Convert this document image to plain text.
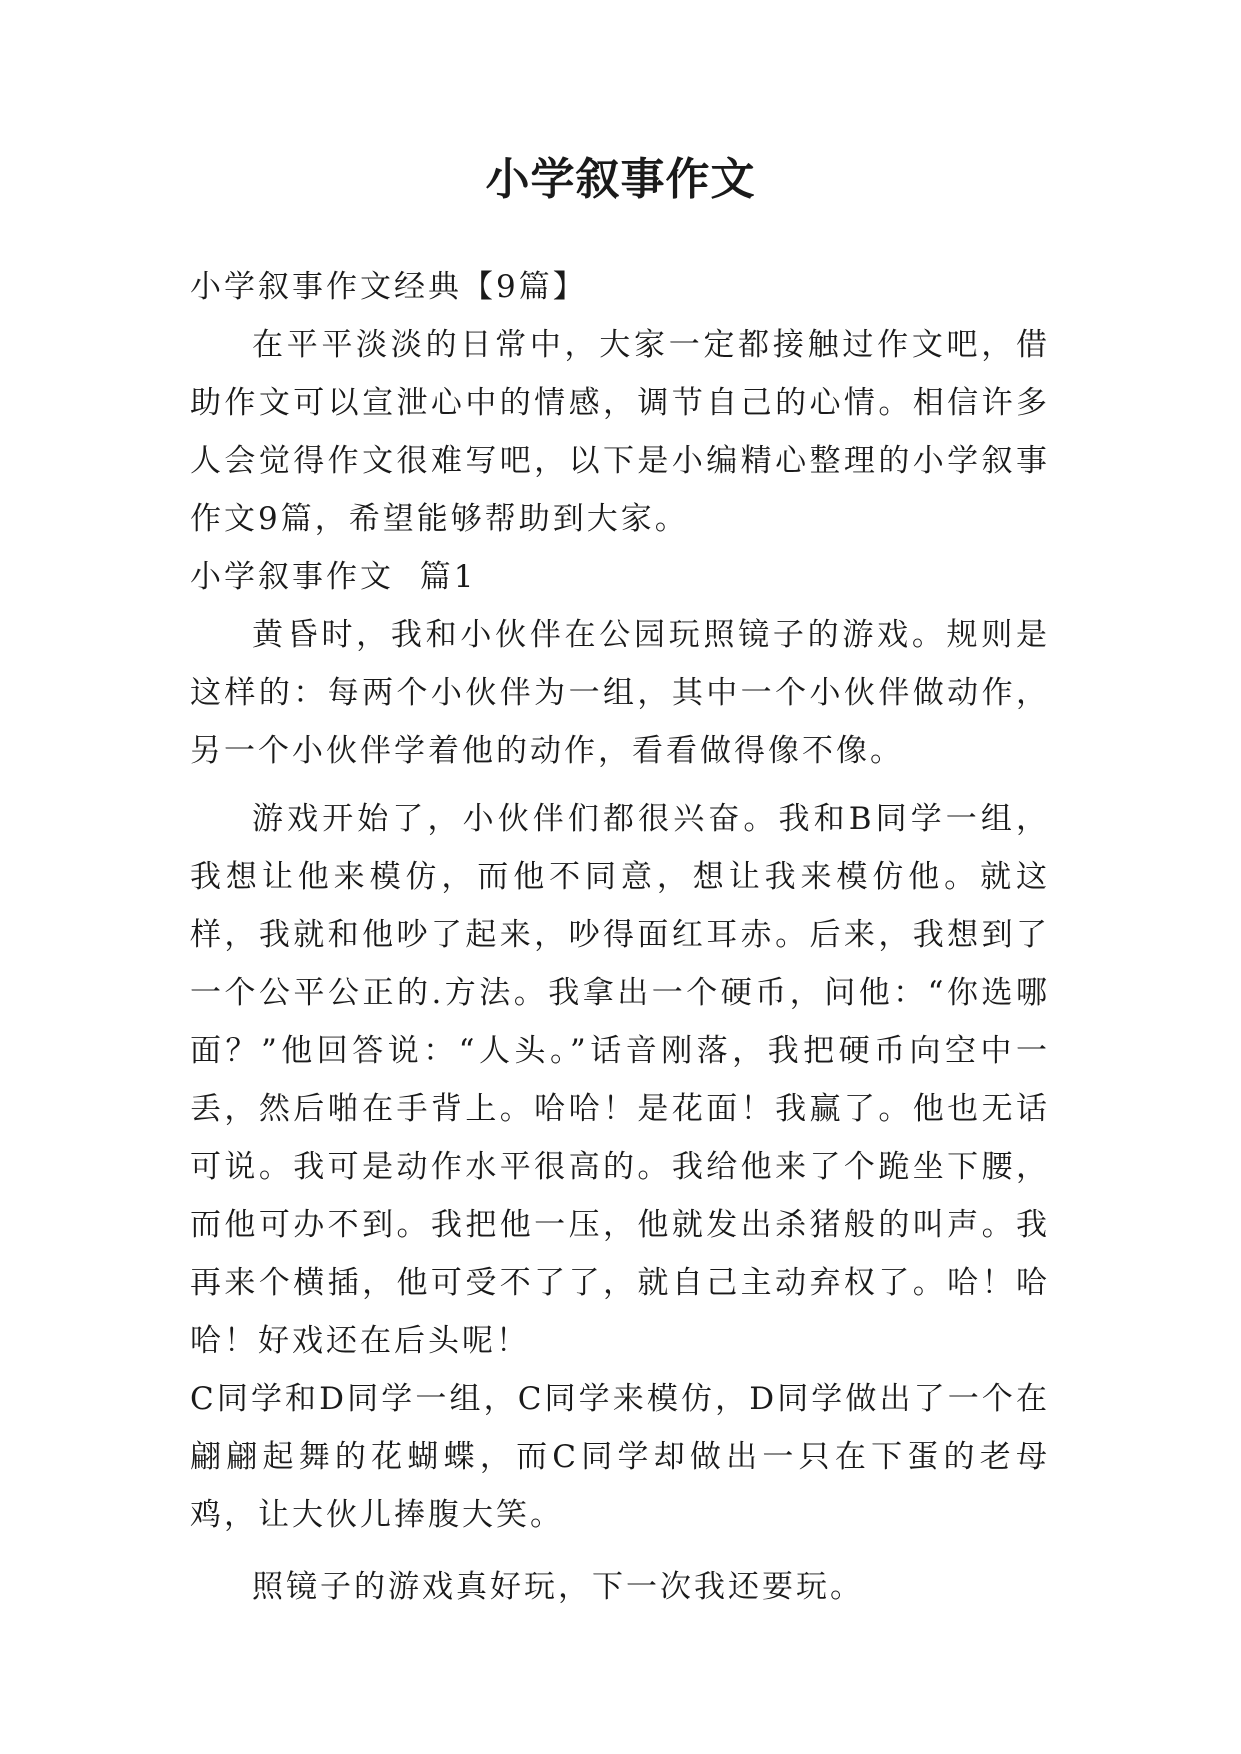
小学叙事作文

小学叙事作文经典【9篇】

在平平淡淡的日常中，大家一定都接触过作文吧，借助作文可以宣泄心中的情感，调节自己的心情。相信许多人会觉得作文很难写吧，以下是小编精心整理的小学叙事作文9篇，希望能够帮助到大家。

小学叙事作文  篇1

黄昏时，我和小伙伴在公园玩照镜子的游戏。规则是这样的：每两个小伙伴为一组，其中一个小伙伴做动作，另一个小伙伴学着他的动作，看看做得像不像。

游戏开始了，小伙伴们都很兴奋。我和B同学一组，我想让他来模仿，而他不同意，想让我来模仿他。就这样，我就和他吵了起来，吵得面红耳赤。后来，我想到了一个公平公正的.方法。我拿出一个硬币，问他：“你选哪面？”他回答说：“人头。”话音刚落，我把硬币向空中一丢，然后啪在手背上。哈哈！是花面！我赢了。他也无话可说。我可是动作水平很高的。我给他来了个跪坐下腰，而他可办不到。我把他一压，他就发出杀猪般的叫声。我再来个横插，他可受不了了，就自己主动弃权了。哈！哈哈！好戏还在后头呢！

C同学和D同学一组，C同学来模仿，D同学做出了一个在翩翩起舞的花蝴蝶，而C同学却做出一只在下蛋的老母鸡，让大伙儿捧腹大笑。

照镜子的游戏真好玩，下一次我还要玩。
